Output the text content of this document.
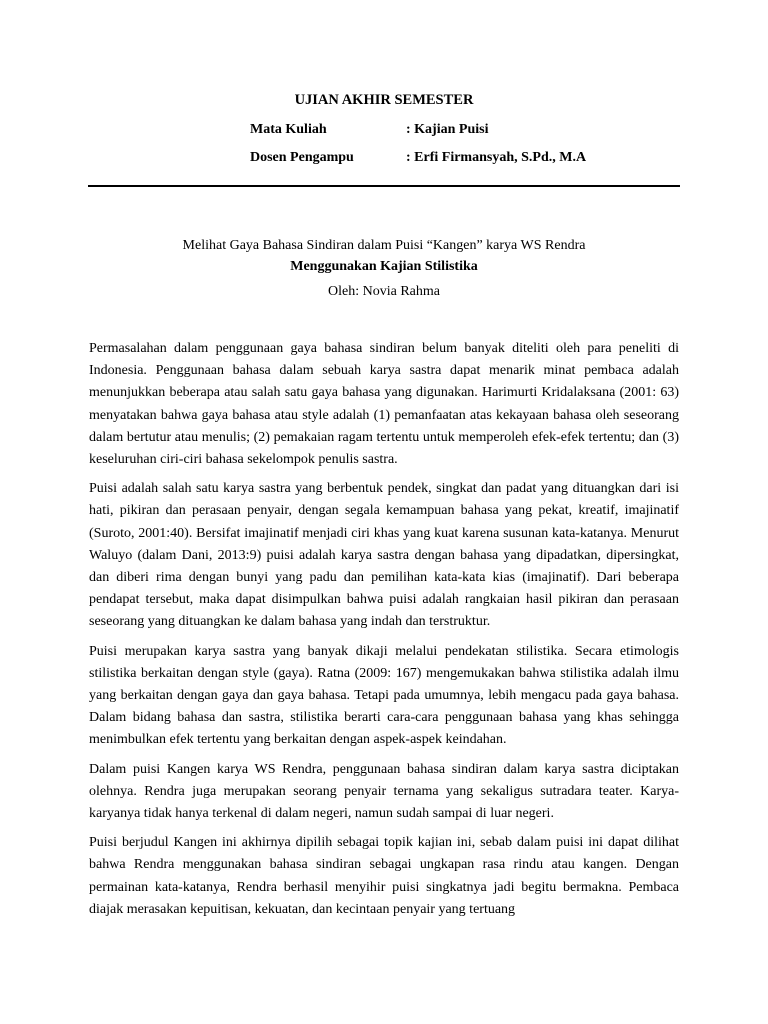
UJIAN AKHIR SEMESTER
Mata Kuliah	: Kajian Puisi
Dosen Pengampu	: Erfi Firmansyah, S.Pd., M.A
Melihat Gaya Bahasa Sindiran dalam Puisi “Kangen” karya WS Rendra
Menggunakan Kajian Stilistika
Oleh: Novia Rahma

Permasalahan dalam penggunaan gaya bahasa sindiran belum banyak diteliti oleh para peneliti di Indonesia. Penggunaan bahasa dalam sebuah karya sastra dapat menarik minat pembaca adalah menunjukkan beberapa atau salah satu gaya bahasa yang digunakan. Harimurti Kridalaksana (2001: 63) menyatakan bahwa gaya bahasa atau style adalah (1) pemanfaatan atas kekayaan bahasa oleh seseorang dalam bertutur atau menulis; (2) pemakaian ragam tertentu untuk memperoleh efek-efek tertentu; dan (3) keseluruhan ciri-ciri bahasa sekelompok penulis sastra.

Puisi adalah salah satu karya sastra yang berbentuk pendek, singkat dan padat yang dituangkan dari isi hati, pikiran dan perasaan penyair, dengan segala kemampuan bahasa yang pekat, kreatif, imajinatif (Suroto, 2001:40). Bersifat imajinatif menjadi ciri khas yang kuat karena susunan kata-katanya. Menurut Waluyo (dalam Dani, 2013:9) puisi adalah karya sastra dengan bahasa yang dipadatkan, dipersingkat, dan diberi rima dengan bunyi yang padu dan pemilihan kata-kata kias (imajinatif). Dari beberapa pendapat tersebut, maka dapat disimpulkan bahwa puisi adalah rangkaian hasil pikiran dan perasaan seseorang yang dituangkan ke dalam bahasa yang indah dan terstruktur.

Puisi merupakan karya sastra yang banyak dikaji melalui pendekatan stilistika. Secara etimologis stilistika berkaitan dengan style (gaya). Ratna (2009: 167) mengemukakan bahwa stilistika adalah ilmu yang berkaitan dengan gaya dan gaya bahasa. Tetapi pada umumnya, lebih mengacu pada gaya bahasa. Dalam bidang bahasa dan sastra, stilistika berarti cara-cara penggunaan bahasa yang khas sehingga menimbulkan efek tertentu yang berkaitan dengan aspek-aspek keindahan.

Dalam puisi Kangen karya WS Rendra, penggunaan bahasa sindiran dalam karya sastra diciptakan olehnya. Rendra juga merupakan seorang penyair ternama yang sekaligus sutradara teater. Karya-karyanya tidak hanya terkenal di dalam negeri, namun sudah sampai di luar negeri.

Puisi berjudul Kangen ini akhirnya dipilih sebagai topik kajian ini, sebab dalam puisi ini dapat dilihat bahwa Rendra menggunakan bahasa sindiran sebagai ungkapan rasa rindu atau kangen. Dengan permainan kata-katanya, Rendra berhasil menyihir puisi singkatnya jadi begitu bermakna. Pembaca diajak merasakan kepuitisan, kekuatan, dan kecintaan penyair yang tertuang
